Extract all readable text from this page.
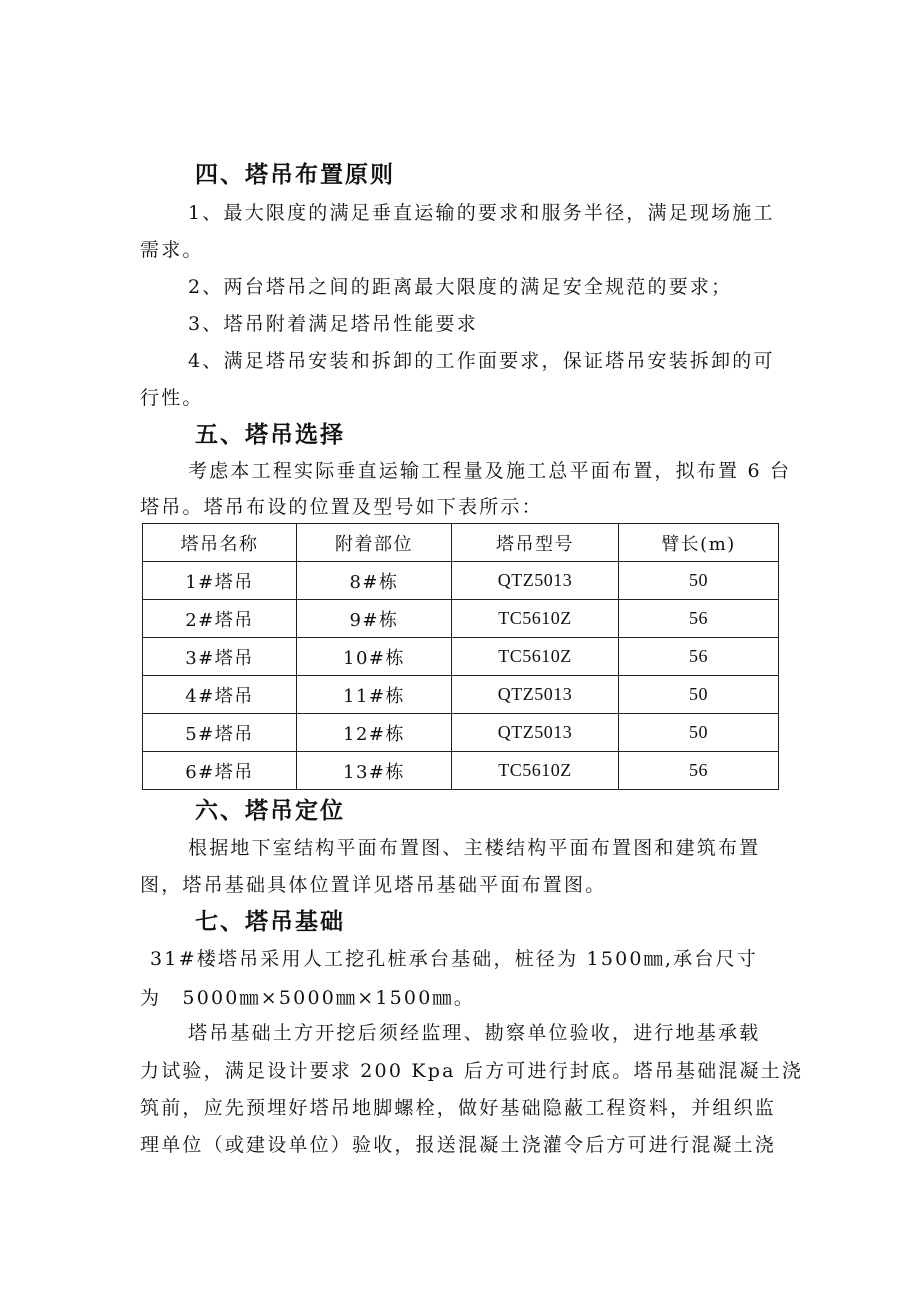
四、塔吊布置原则
1、最大限度的满足垂直运输的要求和服务半径，满足现场施工
需求。
2、两台塔吊之间的距离最大限度的满足安全规范的要求；
3、塔吊附着满足塔吊性能要求
4、满足塔吊安装和拆卸的工作面要求，保证塔吊安装拆卸的可
行性。
五、塔吊选择
考虑本工程实际垂直运输工程量及施工总平面布置，拟布置 6 台
塔吊。塔吊布设的位置及型号如下表所示：
塔吊名称	附着部位	塔吊型号	臂长(m)
1#塔吊	8#栋	QTZ5013	50
2#塔吊	9#栋	TC5610Z	56
3#塔吊	10#栋	TC5610Z	56
4#塔吊	11#栋	QTZ5013	50
5#塔吊	12#栋	QTZ5013	50
6#塔吊	13#栋	TC5610Z	56
六、塔吊定位
根据地下室结构平面布置图、主楼结构平面布置图和建筑布置
图，塔吊基础具体位置详见塔吊基础平面布置图。
七、塔吊基础
31#楼塔吊采用人工挖孔桩承台基础，桩径为 1500㎜,承台尺寸
为　5000㎜×5000㎜×1500㎜。
塔吊基础土方开挖后须经监理、勘察单位验收，进行地基承载
力试验，满足设计要求 200 Kpa 后方可进行封底。塔吊基础混凝土浇
筑前，应先预埋好塔吊地脚螺栓，做好基础隐蔽工程资料，并组织监
理单位（或建设单位）验收，报送混凝土浇灌令后方可进行混凝土浇
